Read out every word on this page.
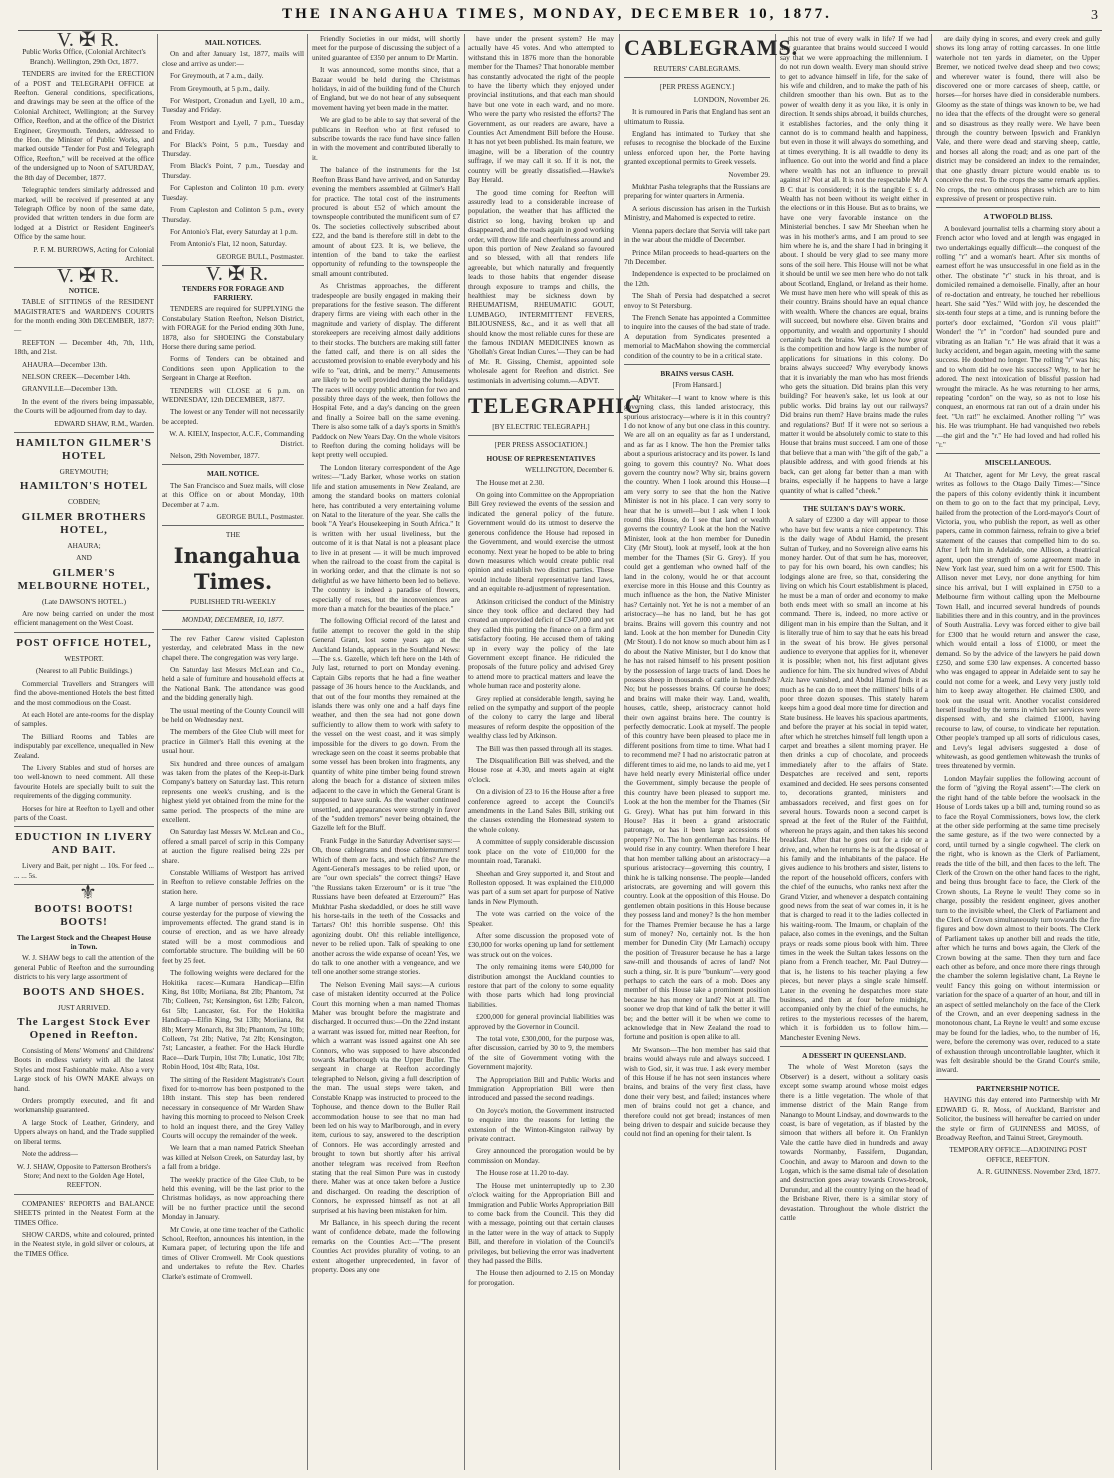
THE INANGAHUA TIMES, MONDAY, DECEMBER 10, 1877.	3

V. ✠ R.

Public Works Office, (Colonial Architect's Branch). Wellington, 29th Oct, 1877.

TENDERS are invited for the ERECTION of a POST and TELEGRAPH OFFICE at Reefton. General conditions, specifications, and drawings may be seen at the office of the Colonial Architect, Wellington; at the Survey Office, Reefton, and at the office of the District Engineer, Greymouth. Tenders, addressed to the Hon. the Minister of Public Works, and marked outside "Tender for Post and Telegraph Office, Reefton," will be received at the office of the undersigned up to Noon of SATURDAY, the 8th day of December, 1877.

Telegraphic tenders similarly addressed and marked, will be received if presented at any Telegraph Office by noon of the same date, provided that written tenders in due form are lodged at a District or Resident Engineer's Office by the same hour.

P. F. M. BURROWS, Acting for Colonial Architect.

V. ✠ R.

NOTICE.

TABLE of SITTINGS of the RESIDENT MAGISTRATE'S and WARDEN'S COURTS for the month ending 30th DECEMBER, 1877:—

REEFTON — December 4th, 7th, 11th, 18th, and 21st.

AHAURA—December 13th.

NELSON CREEK—December 14th.

GRANVILLE—December 13th.

In the event of the rivers being impassable, the Courts will be adjourned from day to day.

EDWARD SHAW, R.M., Warden.

HAMILTON GILMER'S HOTEL

GREYMOUTH;

HAMILTON'S HOTEL

COBDEN;

GILMER BROTHERS HOTEL,

AHAURA;

AND

GILMER'S MELBOURNE HOTEL,

(Late DAWSON'S HOTEL.)

Are now being carried on under the most efficient management on the West Coast.

POST OFFICE HOTEL,

WESTPORT.

(Nearest to all Public Buildings.)

Commercial Travellers and Strangers will find the above-mentioned Hotels the best fitted and the most commodious on the Coast.

At each Hotel are ante-rooms for the display of samples.

The Billiard Rooms and Tables are indisputably par excellence, unequalled in New Zealand.

The Livery Stables and stud of horses are too well-known to need comment. All these favourite Hotels are specially built to suit the requirements of the digging community.

Horses for hire at Reefton to Lyell and other parts of the Coast.

EDUCTION IN LIVERY AND BAIT.

Livery and Bait, per night ... 10s. For feed ... ... ... 5s.

⚜

BOOTS! BOOTS! BOOTS!

The Largest Stock and the Cheapest House in Town.

W. J. SHAW begs to call the attention of the general Public of Reefton and the surrounding districts to his very large assortment of

BOOTS AND SHOES.

JUST ARRIVED.

The Largest Stock Ever Opened in Reefton.

Consisting of Mens' Womens' and Childrens' Boots in endless variety with all the latest Styles and most Fashionable make. Also a very Large stock of his OWN MAKE always on hand.

Orders promptly executed, and fit and workmanship guaranteed.

A large Stock of Leather, Grindery, and Uppers always on hand, and the Trade supplied on liberal terms.

Note the address—

W. J. SHAW, Opposite to Patterson Brothers's Store; And next to the Golden Age Hotel, REEFTON.

COMPANIES' REPORTS and BALANCE SHEETS printed in the Neatest Form at the TIMES Office.

SHOW CARDS, white and coloured, printed in the Neatest style, in gold silver or colours, at the TIMES Office.

MAIL NOTICES.

On and after January 1st, 1877, mails will close and arrive as under:—

For Greymouth, at 7 a.m., daily.

From Greymouth, at 5 p.m., daily.

For Westport, Cronadun and Lyell, 10 a.m., Tuesday and Friday.

From Westport and Lyell, 7 p.m., Tuesday and Friday.

For Black's Point, 5 p.m., Tuesday and Thursday.

From Black's Point, 7 p.m., Tuesday and Thursday.

For Capleston and Colinton 10 p.m. every Tuesday.

From Capleston and Colinton 5 p.m., every Thursday.

For Antonio's Flat, every Saturday at 1 p.m.

From Antonio's Flat, 12 noon, Saturday.

GEORGE BULL, Postmaster.

V. ✠ R.

TENDERS FOR FORAGE AND FARRIERY.

TENDERS are required for SUPPLYING the Constabulary Station Reefton, Nelson District, with FORAGE for the Period ending 30th June, 1878, also for SHOEING the Constabulary Horse there during same period.

Forms of Tenders can be obtained and Conditions seen upon Application to the Sergeant in Charge at Reefton.

TENDERS will CLOSE at 6 p.m. on WEDNESDAY, 12th DECEMBER, 1877.

The lowest or any Tender will not necessarily be accepted.

W. A. KIELY, Inspector, A.C.F., Commanding District.

Nelson, 29th November, 1877.

MAIL NOTICE.

The San Francisco and Suez mails, will close at this Office on or about Monday, 10th December at 7 a.m.

GEORGE BULL, Postmaster.

THE

Inangahua Times.

PUBLISHED TRI-WEEKLY

MONDAY, DECEMBER, 10, 1877.

The rev Father Carew visited Capleston yesterday, and celebrated Mass in the new chapel there. The congregation was very large.

On Saturday last Messrs McLean and Co., held a sale of furniture and household effects at the National Bank. The attendance was good and the bidding generally high.

The usual meeting of the County Council will be held on Wednesday next.

The members of the Glee Club will meet for practice in Gilmer's Hall this evening at the usual hour.

Six hundred and three ounces of amalgam was taken from the plates of the Keep-it-Dark Company's battery on Saturday last. This return represents one week's crushing, and is the highest yield yet obtained from the mine for the same period. The prospects of the mine are excellent.

On Saturday last Messrs W. McLean and Co., offered a small parcel of scrip in this Company at auction the figure realised being 22s per share.

Constable Williams of Westport has arrived in Reefton to relieve constable Jeffries on the station here.

A large number of persons visited the race course yesterday for the purpose of viewing the improvements effected. The grand stand is in course of erection, and as we have already stated will be a most commodious and comfortable structure. The building will be 60 feet by 25 feet.

The following weights were declared for the Hokitika races:—Kumara Handicap—Elfin King, 8st 10lb; Moriiana, 8st 2lb; Phantom, 7st 7lb; Colleen, 7st; Kensington, 6st 12lb; Falcon, 6st 5lb; Lancaster, 6st. For the Hokitika Handicap—Elfin King, 9st 13lb; Moriiana, 8st 8lb; Merry Monarch, 8st 3lb; Phantom, 7st 10lb; Colleen, 7st 2lb; Native, 7st 2lb; Kensington, 7st; Lancaster, a feather. For the Hack Hurdle Race—Dark Turpin, 10st 7lb; Lunatic, 10st 7lb; Robin Hood, 10st 4lb; Rata, 10st.

The sitting of the Resident Magistrate's Court fixed for to-morrow has been postponed to the 18th instant. This step has been rendered necessary in consequence of Mr Warden Shaw having this morning to proceed to Nelson Creek to hold an inquest there, and the Grey Valley Courts will occupy the remainder of the week.

We learn that a man named Patrick Sheehan was killed at Nelson Creek, on Saturday last, by a fall from a bridge.

The weekly practice of the Glee Club, to be held this evening, will be the last prior to the Christmas holidays, as now approaching there will be no further practice until the second Monday in January.

Mr Cowie, at one time teacher of the Catholic School, Reefton, announces his intention, in the Kumara paper, of lecturing upon the life and times of Oliver Cromwell. Mr Cook questions and undertakes to refute the Rev. Charles Clarke's estimate of Cromwell.

Friendly Societies in our midst, will shortly meet for the purpose of discussing the subject of a united guarantee of £350 per annum to Dr Martin.

It was announced, some months since, that a Bazaar would be held during the Christmas holidays, in aid of the building fund of the Church of England, but we do not hear of any subsequent movement having yet been made in the matter.

We are glad to be able to say that several of the publicans in Reefton who at first refused to subscribe towards the race fund have since fallen in with the movement and contributed liberally to it.

The balance of the instruments for the 1st Reefton Brass Band have arrived, and on Saturday evening the members assembled at Gilmer's Hall for practice. The total cost of the instruments procured is about £52 of which amount the townspeople contributed the munificent sum of £7 0s. The societies collectively subscribed about £22, and the band is therefore still in debt to the amount of about £23. It is, we believe, the intention of the band to take the earliest opportunity of refunding to the townspeople the small amount contributed.

As Christmas approaches, the different tradespeople are busily engaged in making their preparations for the festive season. The different drapery firms are vieing with each other in the magnitude and variety of display. The different storekeepers are receiving almost daily additions to their stocks. The butchers are making still fatter the fatted calf, and there is on all sides the accustomed provision to enable everybody and his wife to "eat, drink, and be merry." Amusements are likely to be well provided during the holidays. The races will occupy public attention for two and possibly three days of the week, then follows the Hospital Fete, and a day's dancing on the green and finally a Soiree ball on the same evening. There is also some talk of a day's sports in Smith's Paddock on New Years Day. On the whole visitors to Reefton during the coming holidays will be kept pretty well occupied.

The London literary correspondent of the Age writes:—"Lady Barker, whose works on station life and station amusements in New Zealand, are among the standard books on matters colonial here, has contributed a very entertaining volume on Natal to the literature of the year. She calls the book "A Year's Housekeeping in South Africa." It is written with her usual liveliness, but the outcome of it is that Natal is not a pleasant place to live in at present — it will be much improved when the railroad to the coast from the capital is in working order, and that the climate is not so delightful as we have hitherto been led to believe. The country is indeed a paradise of flowers, especially of roses, but the inconveniences are more than a match for the beauties of the place."

The following Official record of the latest and futile attempt to recover the gold in the ship General Grant, lost some years ago at the Auckland Islands, appears in the Southland News:—The s.s. Gazelle, which left here on the 14th of July last, returned to port on Monday evening. Captain Gibs reports that he had a fine weather passage of 36 hours hence to the Aucklands, and that out of the four months they remained at the islands there was only one and a half days fine weather, and then the sea had not gone down sufficiently to allow them to work with safety to the vessel on the west coast, and it was simply impossible for the divers to go down. From the wreckage seen on the coast it seems probable that some vessel has been broken into fragments, any quantity of white pine timber being found strewn along the beach for a distance of sixteen miles adjacent to the cave in which the General Grant is supposed to have sunk. As the weather continued unsettled, and appearances were strongly in favor of the "sudden tremors" never being obtained, the Gazelle left for the Bluff.

Frank Fudge in the Saturday Advertiser says:—Oh, those cablegrams and those cablemummers! Which of them are facts, and which fibs? Are the Agent-General's messages to be relied upon, or are "our own specials" the correct things? Have "the Russians taken Erzeroum" or is it true "the Russians have been defeated at Erzeroum?" Has Mukhtar Pasha skedaddled, or does he still wave his horse-tails in the teeth of the Cossacks and Tartars? Oh! this horrible suspense. Oh! this agonizing doubt. Oh! this reliable intelligence, never to be relied upon. Talk of speaking to one another across the wide expanse of ocean! Yes, we do talk to one another with a vengeance, and we tell one another some strange stories.

The Nelson Evening Mail says:—A curious case of mistaken identity occurred at the Police Court this morning when a man named Thomas Maher was brought before the magistrate and discharged. It occurred thus:—On the 22nd instant a warrant was issued for, mitted near Reefton, for which a warrant was issued against one Ah see Connors, who was supposed to have absconded towards Marlborough via the Upper Buller. The sergeant in charge at Reefton accordingly telegraphed to Nelson, giving a full description of the man. The usual steps were taken, and Constable Knapp was instructed to proceed to the Tophouse, and thence down to the Buller Rail accommodation house to see that no man had been led on his way to Marlborough, and in every item, curious to say, answered to the description of Connors. He was accordingly arrested and brought to town but shortly after his arrival another telegram was received from Reefton stating that the real Simon Pure was in custody there. Maher was at once taken before a Justice and discharged. On reading the description of Connors, he expressed himself as not at all surprised at his having been mistaken for him.

Mr Ballance, in his speech during the recent want of confidence debate, made the following remarks on the Counties Act:—"The present Counties Act provides plurality of voting, to an extent altogether unprecedented, in favor of property. Does any one

have under the present system? He may actually have 45 votes. And who attempted to withstand this in 1876 more than the honorable member for the Thames? That honorable member has constantly advocated the right of the people to have the liberty which they enjoyed under provincial institutions, and that each man should have but one vote in each ward, and no more. Who were the party who resisted the efforts? The Government, as our readers are aware, have a Counties Act Amendment Bill before the House. It has not yet been published. Its main feature, we imagine, will be a liberation of the country suffrage, if we may call it so. If it is not, the country will be greatly dissatisfied.—Hawke's Bay Herald.

The good time coming for Reefton will assuredly lead to a considerable increase of population, the weather that has afflicted the district so long, having broken up and disappeared, and the roads again in good working order, will throw life and cheerfulness around and upon this portion of New Zealand so favoured and so blessed, with all that renders life agreeable, but which naturally and frequently leads to those habits that engender disease through exposure to tramps and chills, the healthiest may be sickness down by RHEUMATISM, RHEUMATIC GOUT, LUMBAGO, INTERMITTENT FEVERS, BILIOUSNESS, &c., and it as well that all should know the most reliable cures for these are the famous INDIAN MEDICINES known as 'Ghollah's Great Indian Cures.'—They can be had of Mr. R. Gissing, Chemist, appointed sole wholesale agent for Reefton and district. See testimonials in advertising column.—ADVT.

TELEGRAPHIC

[BY ELECTRIC TELEGRAPH.]

[PER PRESS ASSOCIATION.]

HOUSE OF REPRESENTATIVES

WELLINGTON, December 6.

The House met at 2.30.

On going into Committee on the Appropriation Bill Grey reviewed the events of the session and indicated the general policy of the future. Government would do its utmost to deserve the generous confidence the House had reposed in the Government, and would exercise the utmost economy. Next year he hoped to be able to bring down measures which would create public real opinion and establish two distinct parties. These would include liberal representative land laws, and an equitable re-adjustment of representation.

Atkinson criticised the conduct of the Ministry since they took office and declared they had created an unprovided deficit of £347,000 and yet they called this putting the finance on a firm and satisfactory footing. He accused them of taking up in every way the policy of the late Government except finance. He ridiculed the proposals of the future policy and advised Grey to attend more to practical matters and leave the whole human race and posterity alone.

Grey replied at considerable length, saying he relied on the sympathy and support of the people of the colony to carry the large and liberal measures of reform despite the opposition of the wealthy class led by Atkinson.

The Bill was then passed through all its stages.

The Disqualification Bill was shelved, and the House rose at 4.30, and meets again at eight o'clock.

On a division of 23 to 16 the House after a free conference agreed to accept the Council's amendments in the Land Sales Bill, striking out the clauses extending the Homestead system to the whole colony.

A committee of supply considerable discussion took place on the vote of £10,000 for the mountain road, Taranaki.

Sheehan and Grey supported it, and Stout and Rolleston opposed. It was explained the £10,000 was part of a sum set apart for purpose of Native lands in New Plymouth.

The vote was carried on the voice of the Speaker.

After some discussion the proposed vote of £30,000 for works opening up land for settlement was struck out on the voices.

The only remaining items were £40,000 for distribution amongst the Auckland counties to restore that part of the colony to some equality with those parts which had long provincial liabilities.

£200,000 for general provincial liabilities was approved by the Governor in Council.

The total vote, £300,000, for the purpose was, after discussion, carried by 30 to 9, the members of the site of Government voting with the Government majority.

The Appropriation Bill and Public Works and Immigration Appropriation Bill were then introduced and passed the second readings.

On Joyce's motion, the Government instructed to enquire into the reasons for letting the extension of the Winton-Kingston railway by private contract.

Grey announced the prorogation would be by commission on Monday.

The House rose at 11.20 to-day.

The House met uninterruptedly up to 2.30 o'clock waiting for the Appropriation Bill and Immigration and Public Works Appropriation Bill to come back from the Council. This they did with a message, pointing out that certain clauses in the latter were in the way of attack to Supply Bill, and therefore in violation of the Council's privileges, but believing the error was inadvertent they had passed the Bills.

The House then adjourned to 2.15 on Monday for prorogation.

CABLEGRAMS.

REUTERS' CABLEGRAMS.

[PER PRESS AGENCY.]

LONDON, November 26.

It is rumoured in Paris that England has sent an ultimatum to Russia.

England has intimated to Turkey that she refuses to recognise the blockade of the Euxine unless enforced upon her, the Porte having granted exceptional permits to Greek vessels.

November 29.

Mukhtar Pasha telegraphs that the Russians are preparing for winter quarters in Armenia.

A serious discussion has arisen in the Turkish Ministry, and Mahomed is expected to retire.

Vienna papers declare that Servia will take part in the war about the middle of December.

Prince Milan proceeds to head-quarters on the 7th December.

Independence is expected to be proclaimed on the 12th.

The Shah of Persia had despatched a secret envoy to St Petersburg.

The French Senate has appointed a Committee to inquire into the causes of the bad state of trade. A deputation from Syndicates presented a memorial to MacMahon showing the commercial condition of the country to be in a critical state.

BRAINS versus CASH.

[From Hansard.]

Mr Whitaker—I want to know where is this governing class, this landed aristocracy, this spurious aristocracy—where is it in this country? I do not know of any but one class in this country. We are all on an equality as far as I understand, and as far as I know. The hon the Premier talks about a spurious aristocracy and its power. Is land going to govern this country? No. What does govern the country now? Why sir, brains govern the country. When I look around this House—I am very sorry to see that the hon the Native Minister is not in his place. I can very sorry to hear that he is unwell—but I ask when I look round this House, do I see that land or wealth governs the country? Look at the hon the Native Minister, look at the hon member for Dunedin City (Mr Stout), look at myself, look at the hon member for the Thames (Sir G. Grey). If you could get a gentleman who owned half of the land in the colony, would he or that account exercise more in this House and this Country as much influence as the hon, the Native Minister has? Certainly not. Yet he is not a member of an aristocracy—he has no land, but he has got brains. Brains will govern this country and not land. Look at the hon member for Dunedin City (Mr Stout). I do not know so much about him as I do about the Native Minister, but I do know that he has not raised himself to his present position by the possession of large tracts of land. Does he possess sheep in thousands of cattle in hundreds? No; but he possesses brains. Of course he does; and brains will make their way. Land, wealth, houses, cattle, sheep, aristocracy cannot hold their own against brains here. The country is perfectly democratic. Look at myself. The people of this country have been pleased to place me in different positions from time to time. What had I to recommend me? I had no aristocratic patron at different times to aid me, no lands to aid me, yet I have held nearly every Ministerial office under the Government, simply because the people of this country have been pleased to support me. Look at the hon the member for the Thames (Sir G. Grey). What has put him forward in this House? Has it been a grand aristocratic patronage, or has it been large accessions of property? No. The hon gentleman has brains. He would rise in any country. When therefore I hear that hon member talking about an aristocracy—a spurious aristocracy—governing this country, I think he is talking nonsense. The people—landed aristocrats, are governing and will govern this country. Look at the opposition of this House. Do gentlemen obtain positions in this House because they possess land and money? Is the hon member for the Thames Premier because he has a large sum of money? No, certainly not. Is the hon member for Dunedin City (Mr Larnach) occupy the position of Treasurer because he has a large saw-mill and thousands of acres of land? Not such a thing, sir. It is pure "bunkum"—very good perhaps to catch the ears of a mob. Does any member of this House take a prominent position because he has money or land? Not at all. The sooner we drop that kind of talk the better it will be; and the better will it be when we come to acknowledge that in New Zealand the road to fortune and position is open alike to all.

Mr Swanson—The hon member has said that brains would always rule and always succeed. I wish to God, sir, it was true. I ask every member of this House if he has not seen instances where brains, and brains of the very first class, have done their very best, and failed; instances where men of brains could not get a chance, and therefore could not get bread; instances of men being driven to despair and suicide because they could not find an opening for their talent. Is

this not true of every walk in life? If we had any guarantee that brains would succeed I would say that we were approaching the millennium. I do not run down wealth. Every man should strive to get to advance himself in life, for the sake of his wife and children, and to make the path of his children smoother than his own. But as to the power of wealth deny it as you like, it is only in direction. It sends ships abroad, it builds churches, it establishes factories, and the only thing it cannot do is to command health and happiness, but even in those it will always do something, and at times everything. It is all twaddle to deny its influence. Go out into the world and find a place where wealth has not an influence to prevail against it? Not at all. It is not the respectable Mr A B C that is considered; it is the tangible £ s. d. Wealth has not been without its weight either in the elections or in this House. But as to brains, we have one very favorable instance on the Ministerial benches. I saw Mr Sheehan when he was in his mother's arms, and I am proud to see him where he is, and the share I had in bringing it about. I should be very glad to see many more sons of the soil here. This House will not be what it should be until we see men here who do not talk about Scotland, England, or Ireland as their home. We must have men here who will speak of this as their country. Brains should have an equal chance with wealth. Where the chances are equal, brains will succeed, but nowhere else. Given brains and opportunity, and wealth and opportunity I should certainly back the brains. We all know how great is the competition and how large is the number of applications for situations in this colony. Do brains always succeed? Why everybody knows that it is invariably the man who has most friends who gets the situation. Did brains plan this very building? For heaven's sake, let us look at our public works. Did brains lay out our railways? Did brains run them? Have brains made the rules and regulations? But! If it were not so serious a matter it would be absolutely comic to state to this House that brains must succeed. I am one of those that believe that a man with "the gift of the gab," a plausible address, and with good friends at his back, can get along far better than a man with brains, especially if he happens to have a large quantity of what is called "cheek."

THE SULTAN'S DAY'S WORK.

A salary of £2300 a day will appear to those who have but few wants a nice competency. This is the daily wage of Abdul Hamid, the present Sultan of Turkey, and no Sovereign alive earns his money harder. Out of that sum he has, moreover, to pay for his own board, his own candles; his lodgings alone are free, so that, considering the living on which his Court establishment is placed, he must be a man of order and economy to make both ends meet with so small an income at his command. There is, indeed, no more active or diligent man in his empire than the Sultan, and it is literally true of him to say that he eats his bread in the sweat of his brow. He gives personal audience to everyone that applies for it, whenever it is possible; when not, his first adjutant gives audience for him. The six hundred wives of Abdul Aziz have vanished, and Abdul Hamid finds it as much as he can do to meet the milliners' bills of a poor three dozen spouses. This stately harem keeps him a good deal more time for direction and State business. He leaves his spacious apartments, and before the prayer at his social in tepid water, after which he stretches himself full length upon a carpet and breathes a silent morning prayer. He then drinks a cup of chocolate, and proceeds immediately after to the affairs of State. Despatches are received and sent, reports examined and decided. He sees persons consented to, decorations granted, ministers and ambassadors received, and first goes on for several hours. Towards noon a second carpet is spread at the feet of the Ruler of the Faithful, whereon he prays again, and then takes his second breakfast. After that he goes out for a ride or a drive, and, when he returns he is at the disposal of his family and the inhabitants of the palace. He gives audience to his brothers and sister, listens to the report of the household officers, confers with the chief of the eunuchs, who ranks next after the Grand Vizier, and whenever a despatch containing good news from the seat of war comes in, it is he that is charged to read it to the ladies collected in his waiting-room. The Imaum, or chaplain of the palace, also comes in the evenings, and the Sultan prays or reads some pious book with him. Three times in the week the Sultan takes lessons on the piano from a French teacher, Mr. Paul Dutrey—that is, he listens to his teacher playing a few pieces, but never plays a single scale himself. Later in the evening he despatches more state business, and then at four before midnight, accompanied only by the chief of the eunuchs, he retires to the mysterious recesses of the harem, which it is forbidden us to follow him.—Manchester Evening News.

A DESSERT IN QUEENSLAND.

The whole of West Moreton (says the Observer) is a desert, without a solitary oasis except some swamp around whose moist edges there is a little vegetation. The whole of that immense district of the Main Range from Nanango to Mount Lindsay, and downwards to the coast, is bare of vegetation, as if blasted by the simoon that withers all before it. On Franklyn Vale the cattle have died in hundreds and away towards Normanby, Fassifern, Dugandan, Coochin, and away to Maroon and down to the Logan, which is the same dismal tale of desolation and destruction goes away towards Crows-brook, Durundur, and all the country lying on the head of the Brisbane River, there is a similar story of devastation. Throughout the whole district the cattle

are daily dying in scores, and every creek and gully shows its long array of rotting carcasses. In one little waterhole not ten yards in diameter, on the Upper Bremer, we noticed twelve dead sheep and two cows; and wherever water is found, there will also be discovered one or more carcases of sheep, cattle, or horses—for horses have died in considerable numbers. Gloomy as the state of things was known to be, we had no idea that the effects of the drought were so general and so disastrous as they really were. We have been through the country between Ipswich and Franklyn Vale, and there were dead and starving sheep, cattle, and horses all along the road; and as one part of the district may be considered an index to the remainder, that one ghastly drearr picture would enable us to conceive the rest. To the crops the same remark applies. No crops, the two ominous phrases which are to him expressive of present or prospective ruin.

A TWOFOLD BLISS.

A boulevard journalist tells a charming story about a French actor who loved and at length was engaged in two undertakings equally difficult—the conquest of the rolling "r" and a woman's heart. After six months of earnest effort he was unsuccessful in one field as in the other. The obstinate "r" stuck in his throat, and is domiciled remained a demoiselle. Finally, after an hour of re-doctation and entreaty, he touched her rebellious heart. She said "Yes." Wild with joy, he descended the six-tenth four steps at a time, and is running before the porter's door exclaimed, "Gordon s'il vous plait!" Wonder! the "r" in "cordon" had sounded pure and vibrating as an Italian "r." He was afraid that it was a lucky accident, and began again, meeting with the same success. He doubted no longer. The rolling "r" was his; and to whom did he owe his success? Why, to her he adored. The next intoxication of blissful passion had wrought the miracle. As he was returning to her arms, repeating "cordon" on the way, so as not to lose his conquest, an enormous rat ran out of a drain under his feet. "Un rat!" he exclaimed. Another rolling "r" was his. He was triumphant. He had vanquished two rebels—the girl and the "r." He had loved and had rolled his "r."

MISCELLANEOUS.

At Thatcher, agent for Mr Levy, the great rascal writes as follows to the Otago Daily Times:—"Since the papers of this colony evidently think it incumbent on them to go on to the fact that my principal, Levy, hailed from the protection of the Lord-mayor's Court of Victoria, you, who publish the report, as well as other papers, came in common fairness, refrain to give a brief statement of the causes that compelled him to do so. After I left him in Adelaide, one Allison, a theatrical agent, upon the strength of some agreement made in New York last year, sued him on a writ for £500. This Allison never met Levy, nor done anything for him since his arrival, but I will explained in £750 to a Melbourne firm without calling upon the Melbourne Town Hall, and incurred several hundreds of pounds liabilities there and in this country, and in the provinces of South Australia. Levy was forced either to give bail for £300 that he would return and answer the case, which would entail a loss of £1000, or meet the demand. So by the advice of the lawyers he paid down £250, and some £30 law expenses. A concerted basso who was engaged to appear in Adelaide sent to say he could not come for a week, and Levy very justly told him to keep away altogether. He claimed £300, and took out the usual writ. Another vocalist considered herself insulted by the terms in which her services were dispensed with, and she claimed £1000, having recourse to law, of course, to vindicate her reputation. Other people's tramped up all sorts of ridiculous cases, and Levy's legal advisers suggested a dose of whitewash, as good gentlemen whitewash the trunks of trees threatened by vermin.

London Mayfair supplies the following account of the form of "giving the Royal assent":—The clerk on the right hand of the table before the woolsack in the House of Lords takes up a bill and, turning round so as to face the Royal Commissioners, bows low, the clerk at the other side performing at the same time precisely the same gesture, as if the two were connected by a cord, until turned by a single cogwheel. The clerk on the right, who is known as the Clerk of Parliament, reads the title of the bill, and then faces to the left. The Clerk of the Crown on the other hand faces to the right, and being thus brought face to face, the Clerk of the Crown shouts, La Reyne le veult! They come so in charge, possibly the resident engineer, gives another turn to the invisible wheel, the Clerk of Parliament and the Clerk of Crown simultaneously turn towards the fire figures and bow down almost to their boots. The Clerk of Parliament takes up another bill and reads the title, after which he turns and bows again, the Clerk of the Crown bowing at the same. Then they turn and face each other as before, and once more there rings through the chamber the solemn legislative chant, La Reyne le veult! Fancy this going on without intermission or variation for the space of a quarter of an hour, and till in an aspect of settled melancholy on the face of the Clerk of the Crown, and an ever deepening sadness in the monotonous chant, La Reyne le veult! and some excuse may be found for the ladies, who, to the number of 16, were, before the ceremony was over, reduced to a state of exhaustion through uncontrollable laughter, which it was felt desirable should be the Grand Court's smile, inward.

PARTNERSHIP NOTICE.

HAVING this day entered into Partnership with Mr EDWARD G. R. Moss, of Auckland, Barrister and Solicitor, the business will hereafter be carried on under the style or firm of GUINNESS and MOSS, of Broadway Reefton, and Tainui Street, Greymouth.

TEMPORARY OFFICE—ADJOINING POST OFFICE, REEFTON.

A. R. GUINNESS. November 23rd, 1877.
